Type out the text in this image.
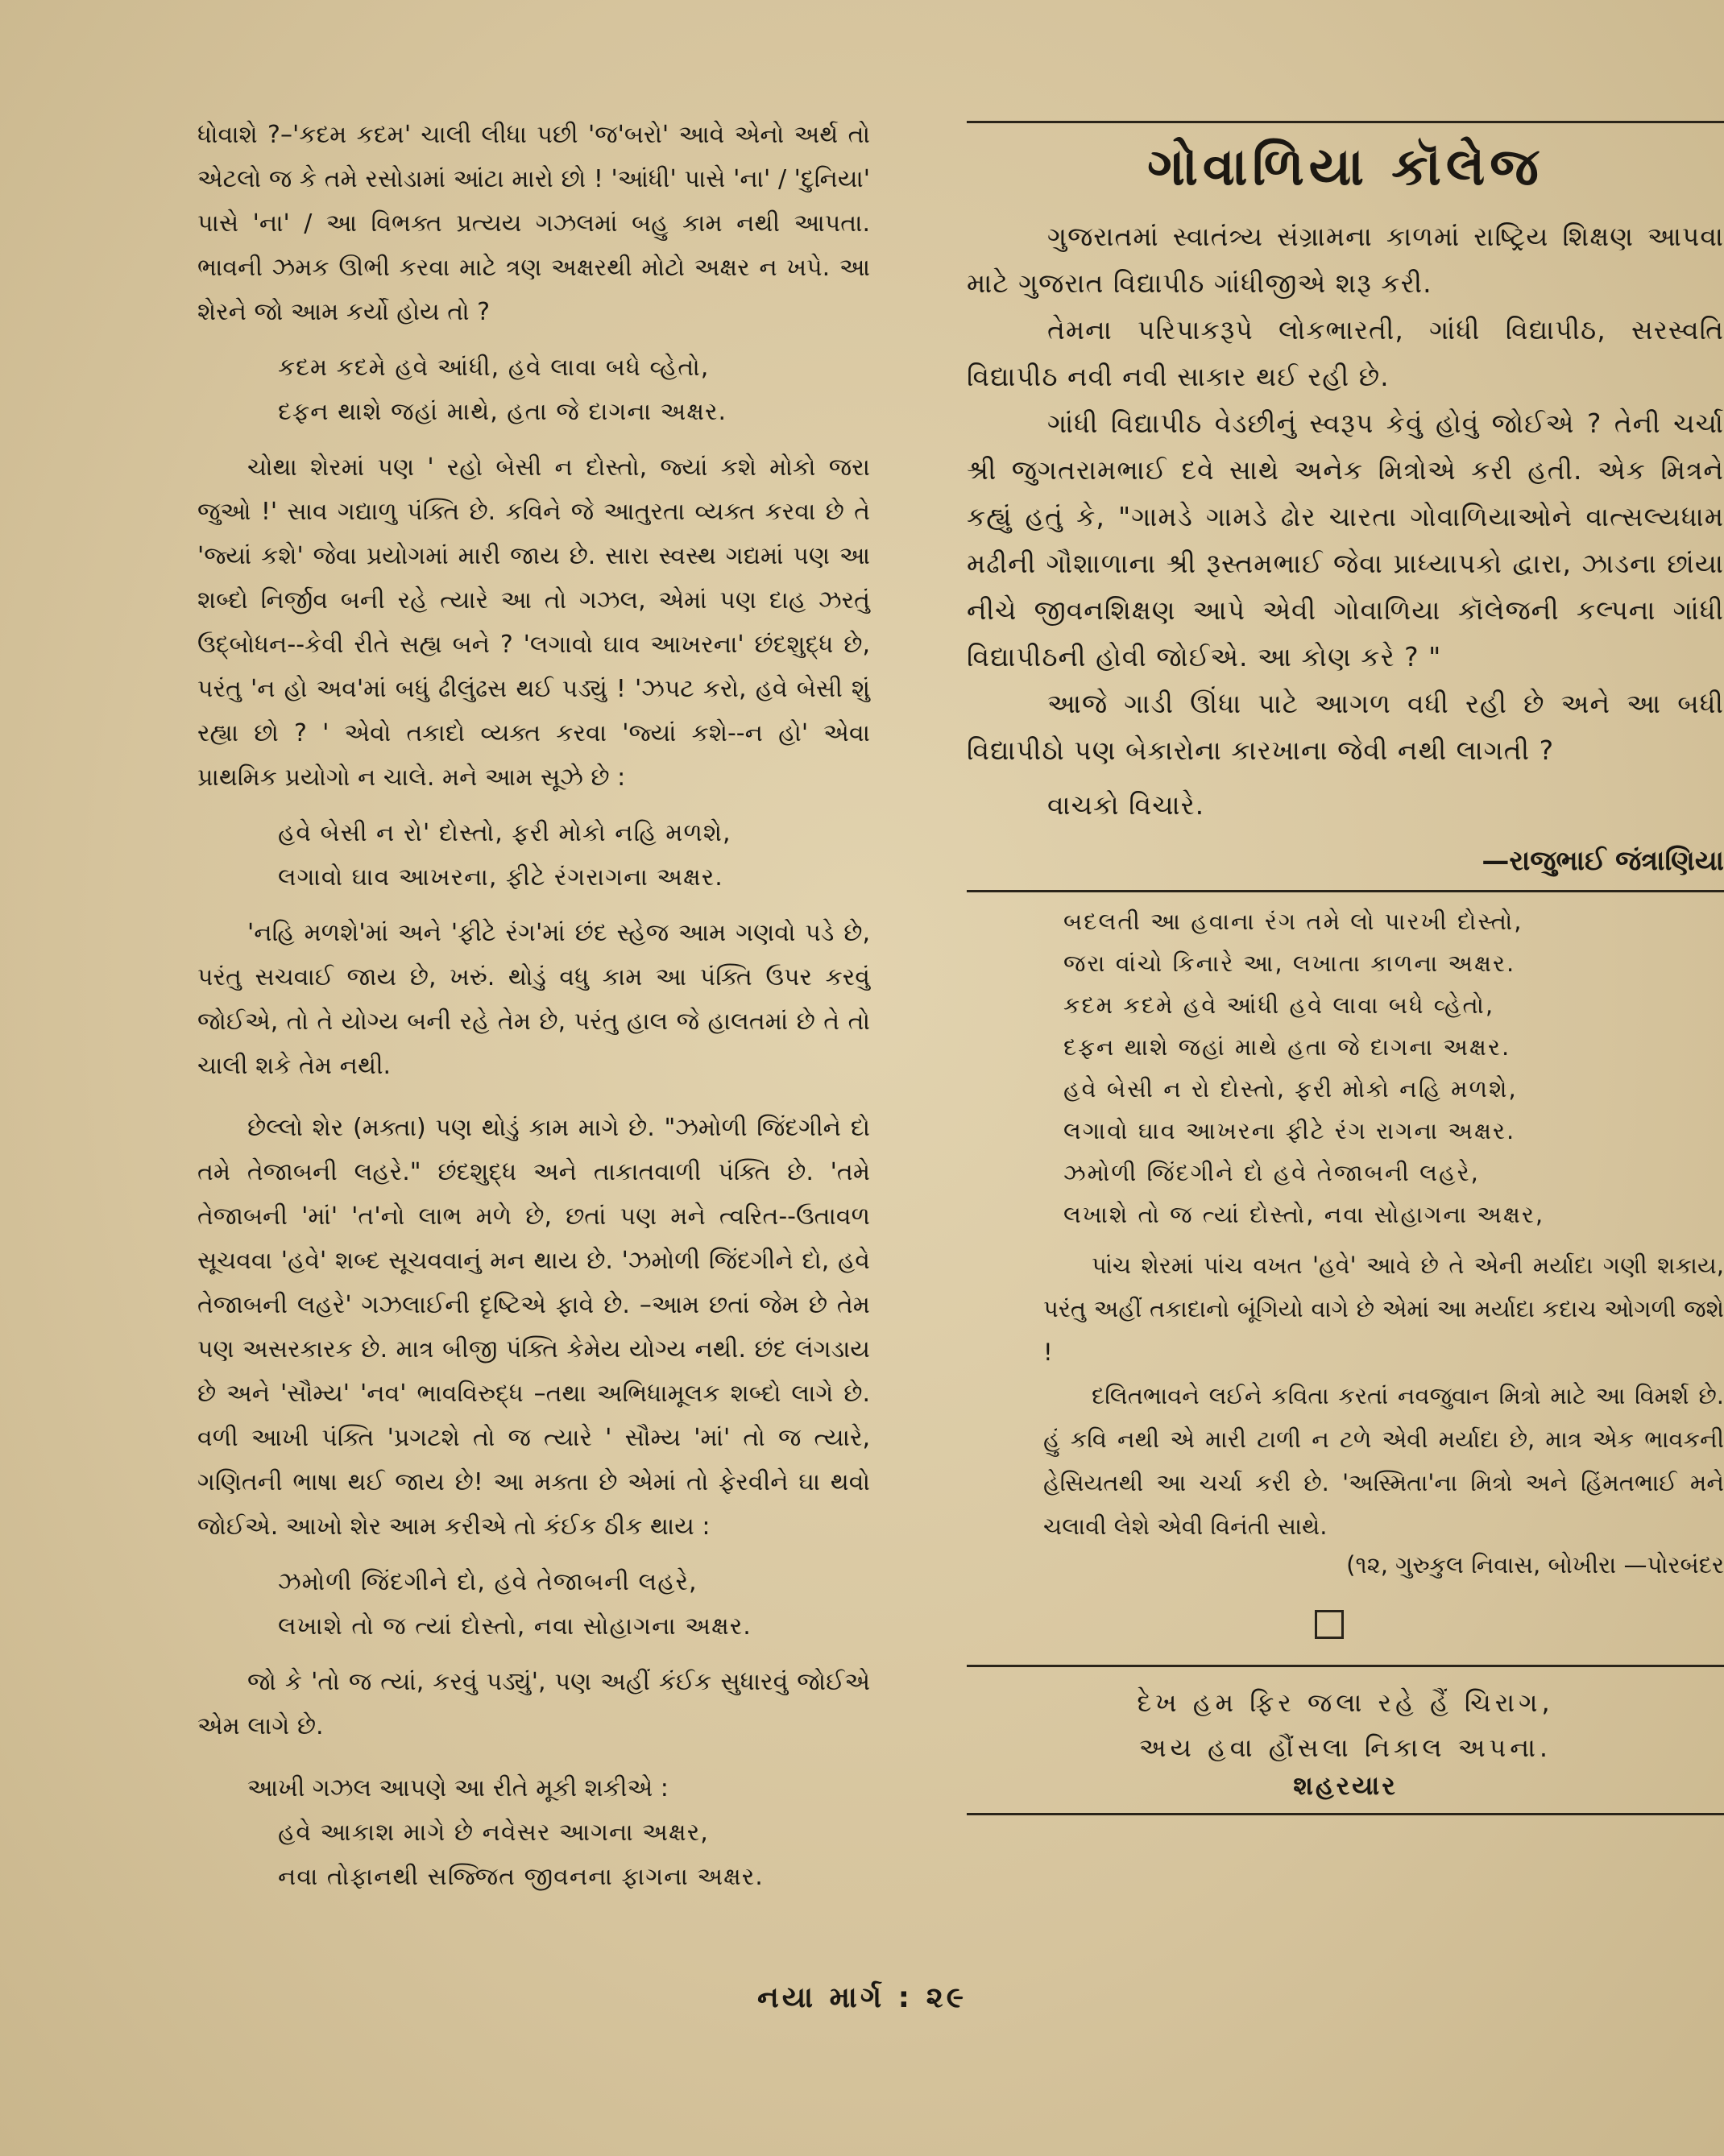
ધોવાશે ?–'કદમ કદમ' ચાલી લીધા પછી 'જ'બરો' આવે એનો અર્થ તો એટલો જ કે તમે રસોડામાં આંટા મારો છો ! 'આંધી' પાસે 'ના' / 'દુનિયા' પાસે 'ના' / આ વિભક્ત પ્રત્યય ગઝલમાં બહુ કામ નથી આપતા. ભાવની ઝમક ઊભી કરવા માટે ત્રણ અક્ષરથી મોટો અક્ષર ન ખપે. આ શેરને જો આમ કર્યો હોય તો ?

કદમ કદમે હવે આંધી, હવે લાવા બધે વ્હેતો,
દફન થાશે જહાં માથે, હતા જે દાગના અક્ષર.

ચોથા શેરમાં પણ ' રહો બેસી ન દોસ્તો, જ્યાં કશે મોકો જરા જુઓ !' સાવ ગદ્યાળુ પંક્તિ છે. કવિને જે આતુરતા વ્યક્ત કરવા છે તે 'જ્યાં કશે' જેવા પ્રયોગમાં મારી જાય છે. સારા સ્વસ્થ ગદ્યમાં પણ આ શબ્દો નિર્જીવ બની રહે ત્યારે આ તો ગઝલ, એમાં પણ દાહ ઝરતું ઉદ્બોધન--કેવી રીતે સહ્ય બને ? 'લગાવો ઘાવ આખરના' છંદશુદ્ધ છે, પરંતુ 'ન હો અવ'માં બધું ઢીલુંઢસ થઈ પડ્યું ! 'ઝપટ કરો, હવે બેસી શું રહ્યા છો ? ' એવો તકાદો વ્યક્ત કરવા 'જ્યાં કશે--ન હો' એવા પ્રાથમિક પ્રયોગો ન ચાલે. મને આમ સૂઝે છે :

હવે બેસી ન રો' દોસ્તો, ફરી મોકો નહિ મળશે,
લગાવો ઘાવ આખરના, ફીટે રંગરાગના અક્ષર.

'નહિ મળશે'માં અને 'ફીટે રંગ'માં છંદ સ્હેજ આમ ગણવો પડે છે, પરંતુ સચવાઈ જાય છે, ખરું. થોડું વધુ કામ આ પંક્તિ ઉપર કરવું જોઈએ, તો તે યોગ્ય બની રહે તેમ છે, પરંતુ હાલ જે હાલતમાં છે તે તો ચાલી શકે તેમ નથી.

છેલ્લો શેર (મક્તા) પણ થોડું કામ માગે છે. "ઝમોળી જિંદગીને દો તમે તેજાબની લહરે." છંદશુદ્ધ અને તાકાતવાળી પંક્તિ છે. 'તમે તેજાબની 'માં' 'ત'નો લાભ મળે છે, છતાં પણ મને ત્વરિત--ઉતાવળ સૂચવવા 'હવે' શબ્દ સૂચવવાનું મન થાય છે. 'ઝમોળી જિંદગીને દો, હવે તેજાબની લહરે' ગઝલાઈની દૃષ્ટિએ ફાવે છે. –આમ છતાં જેમ છે તેમ પણ અસરકારક છે. માત્ર બીજી પંક્તિ કેમેય યોગ્ય નથી. છંદ લંગડાય છે અને 'સૌમ્ય' 'નવ' ભાવવિરુદ્ધ –તથા અભિધામૂલક શબ્દો લાગે છે. વળી આખી પંક્તિ 'પ્રગટશે તો જ ત્યારે ' સૌમ્ય 'માં' તો જ ત્યારે, ગણિતની ભાષા થઈ જાય છે! આ મક્તા છે એમાં તો ફેરવીને ઘા થવો જોઈએ. આખો શેર આમ કરીએ તો કંઈક ઠીક થાય :

ઝમોળી જિંદગીને દો, હવે તેજાબની લહરે,
લખાશે તો જ ત્યાં દોસ્તો, નવા સોહાગના અક્ષર.

જો કે 'તો જ ત્યાં, કરવું પડ્યું', પણ અહીં કંઈક સુધારવું જોઈએ એમ લાગે છે.

આખી ગઝલ આપણે આ રીતે મૂકી શકીએ :

હવે આકાશ માગે છે નવેસર આગના અક્ષર,
નવા તોફાનથી સજ્જિત જીવનના ફાગના અક્ષર.
ગોવાળિયા કૉલેજ

ગુજરાતમાં સ્વાતંત્ર્ય સંગ્રામના કાળમાં રાષ્ટ્રિય શિક્ષણ આપવા માટે ગુજરાત વિદ્યાપીઠ ગાંધીજીએ શરૂ કરી.

તેમના પરિપાકરૂપે લોકભારતી, ગાંધી વિદ્યાપીઠ, સરસ્વતિ વિદ્યાપીઠ નવી નવી સાકાર થઈ રહી છે.

ગાંધી વિદ્યાપીઠ વેડછીનું સ્વરૂપ કેવું હોવું જોઈએ ? તેની ચર્ચા શ્રી જુગતરામભાઈ દવે સાથે અનેક મિત્રોએ કરી હતી. એક મિત્રને કહ્યું હતું કે, "ગામડે ગામડે ઢોર ચારતા ગોવાળિયાઓને વાત્સલ્યધામ મઢીની ગૌશાળાના શ્રી રૂસ્તમભાઈ જેવા પ્રાધ્યાપકો દ્વારા, ઝાડના છાંયા નીચે જીવનશિક્ષણ આપે એવી ગોવાળિયા કૉલેજની કલ્પના ગાંધી વિદ્યાપીઠની હોવી જોઈએ. આ કોણ કરે ? "

આજે ગાડી ઊંધા પાટે આગળ વધી રહી છે અને આ બધી વિદ્યાપીઠો પણ બેકારોના કારખાના જેવી નથી લાગતી ?

વાચકો વિચારે.

—રાજુભાઈ જંત્રાણિયા
બદલતી આ હવાના રંગ તમે લો પારખી દોસ્તો,
જરા વાંચો કિનારે આ, લખાતા કાળના અક્ષર.
કદમ કદમે હવે આંધી હવે લાવા બધે વ્હેતો,
દફન થાશે જહાં માથે હતા જે દાગના અક્ષર.
હવે બેસી ન રો દોસ્તો, ફરી મોકો નહિ મળશે,
લગાવો ઘાવ આખરના ફીટે રંગ રાગના અક્ષર.
ઝમોળી જિંદગીને દો હવે તેજાબની લહરે,
લખાશે તો જ ત્યાં દોસ્તો, નવા સોહાગના અક્ષર,

પાંચ શેરમાં પાંચ વખત 'હવે' આવે છે તે એની મર્યાદા ગણી શકાય, પરંતુ અહીં તકાદાનો બૂંગિયો વાગે છે એમાં આ મર્યાદા કદાચ ઓગળી જશે !

દલિતભાવને લઈને કવિતા કરતાં નવજુવાન મિત્રો માટે આ વિમર્શ છે. હું કવિ નથી એ મારી ટાળી ન ટળે એવી મર્યાદા છે, માત્ર એક ભાવકની હેસિયતથી આ ચર્ચા કરી છે. 'અસ્મિતા'ના મિત્રો અને હિંમતભાઈ મને ચલાવી લેશે એવી વિનંતી સાથે.

(૧૨, ગુરુકુલ નિવાસ, બોખીરા —પોરબંદર
દેખ હમ ફિર જલા રહે હૈં ચિરાગ,
અય હવા હૌંસલા નિકાલ અપના.
શહરયાર
નયા માર્ગ : ૨૯
